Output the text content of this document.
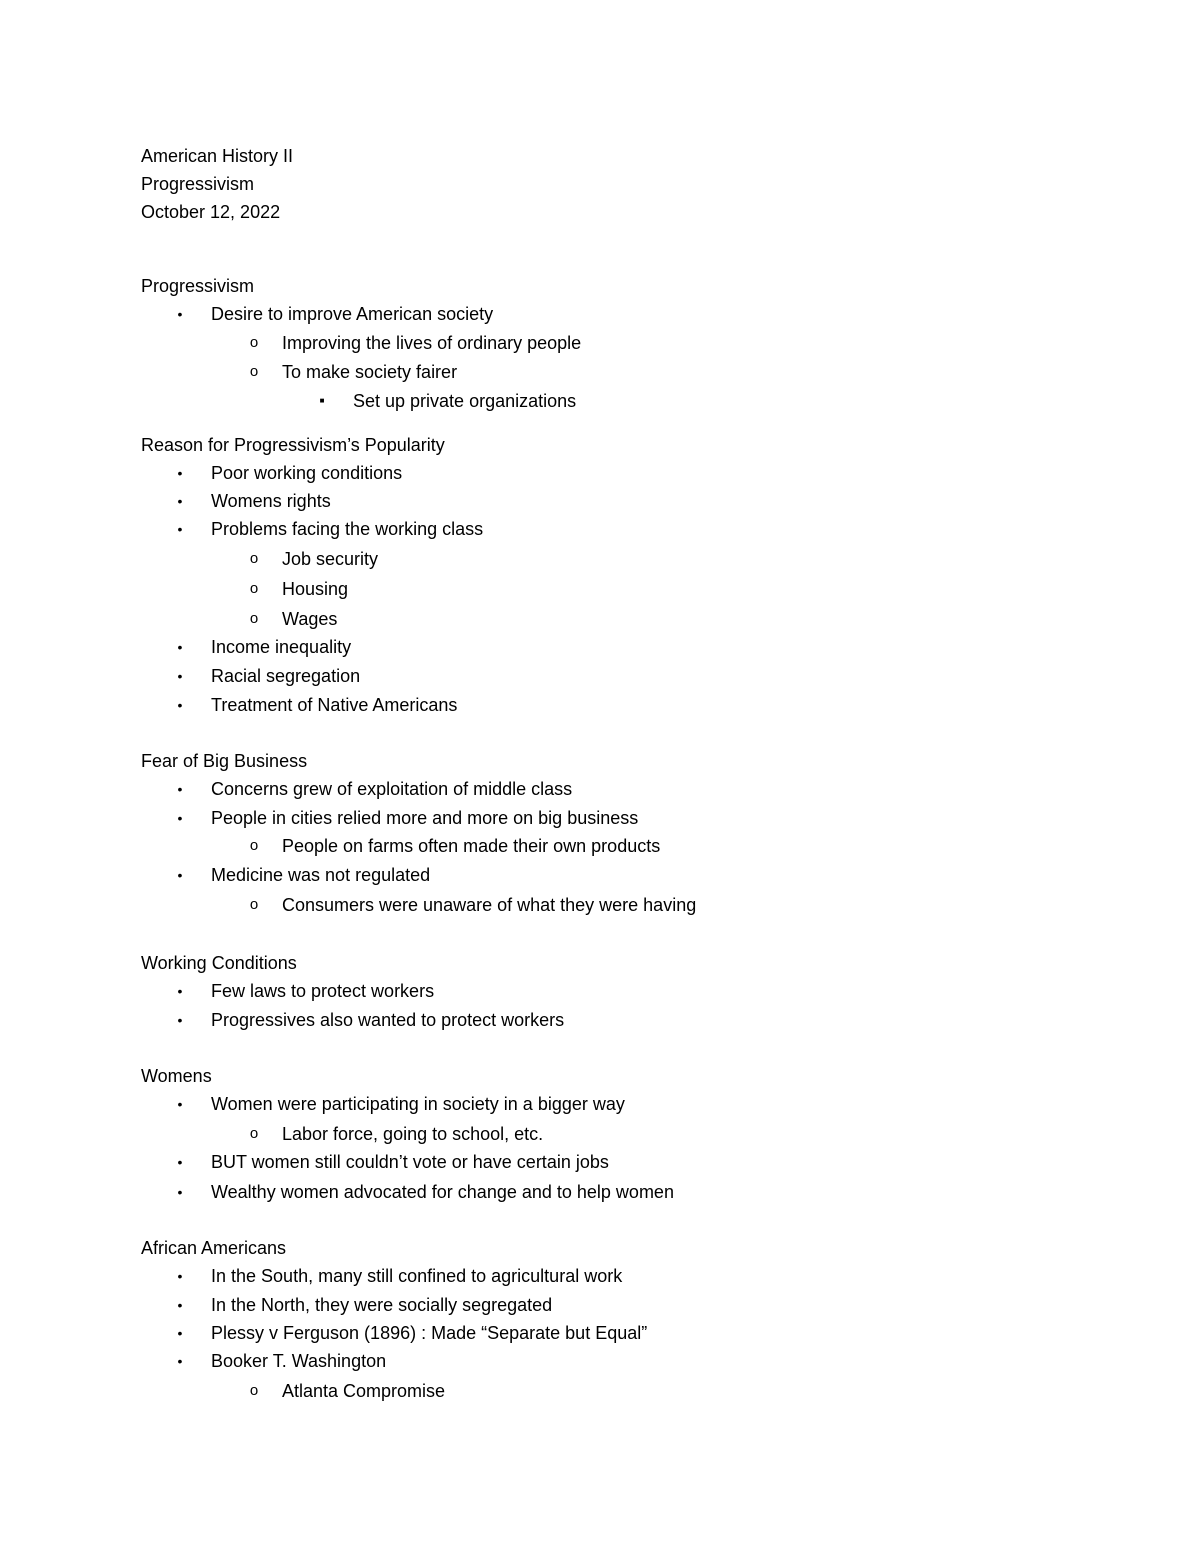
American History II
Progressivism
October 12, 2022
Progressivism
• Desire to improve American society
o Improving the lives of ordinary people
o To make society fairer
■ Set up private organizations
Reason for Progressivism’s Popularity
• Poor working conditions
• Womens rights
• Problems facing the working class
o Job security
o Housing
o Wages
• Income inequality
• Racial segregation
• Treatment of Native Americans
Fear of Big Business
• Concerns grew of exploitation of middle class
• People in cities relied more and more on big business
o People on farms often made their own products
• Medicine was not regulated
o Consumers were unaware of what they were having
Working Conditions
• Few laws to protect workers
• Progressives also wanted to protect workers
Womens
• Women were participating in society in a bigger way
o Labor force, going to school, etc.
• BUT women still couldn’t vote or have certain jobs
• Wealthy women advocated for change and to help women
African Americans
• In the South, many still confined to agricultural work
• In the North, they were socially segregated
• Plessy v Ferguson (1896) : Made “Separate but Equal”
• Booker T. Washington
o Atlanta Compromise
